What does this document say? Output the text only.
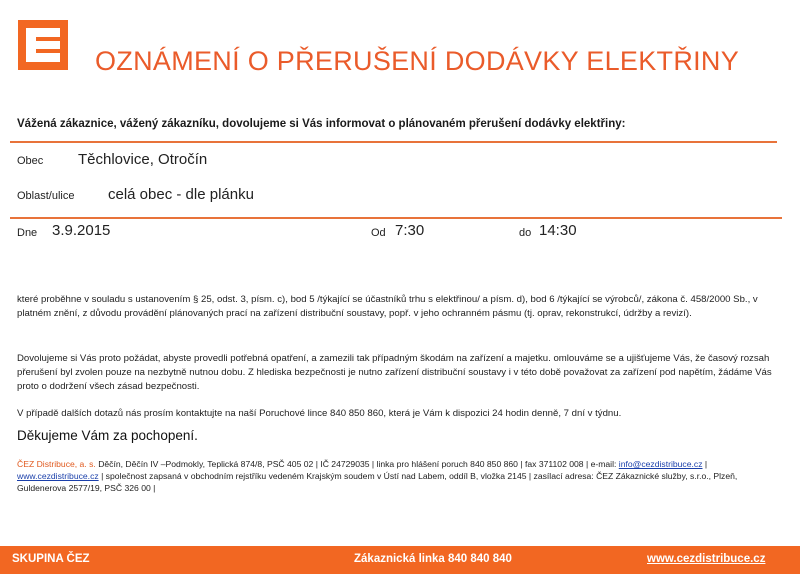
OZNÁMENÍ O PŘERUŠENÍ DODÁVKY ELEKTŘINY
Vážená zákaznice, vážený zákazníku, dovolujeme si Vás informovat o plánovaném přerušení dodávky elektřiny:
Obec Těchlovice, Otročín
Oblast/ulice celá obec - dle plánku
Dne 3.9.2015	Od 7:30	do 14:30
které proběhne v souladu s ustanovením § 25, odst. 3, písm. c), bod 5 /týkající se účastníků trhu s elektřinou/ a písm. d), bod 6 /týkající se výrobců/, zákona č. 458/2000 Sb., v platném znění, z důvodu provádění plánovaných prací na zařízení distribuční soustavy, popř. v jeho ochranném pásmu (tj. oprav, rekonstrukcí, údržby a revizí).
Dovolujeme si Vás proto požádat, abyste provedli potřebná opatření, a zamezili tak případným škodám na zařízení a majetku. omlouváme se a ujišťujeme Vás, že časový rozsah přerušení byl zvolen pouze na nezbytně nutnou dobu. Z hlediska bezpečnosti je nutno zařízení distribuční soustavy i v této době považovat za zařízení pod napětím, žádáme Vás proto o dodržení všech zásad bezpečnosti.
V případě dalších dotazů nás prosím kontaktujte na naší Poruchové lince 840 850 860, která je Vám k dispozici 24 hodin denně, 7 dní v týdnu.
Děkujeme Vám za pochopení.
ČEZ Distribuce, a. s. Děčín, Děčín IV –Podmokly, Teplická 874/8, PSČ 405 02 | IČ 24729035 | linka pro hlášení poruch 840 850 860 | fax 371102 008 | e-mail: info@cezdistribuce.cz | www.cezdistribuce.cz | společnost zapsaná v obchodním rejstříku vedeném Krajským soudem v Ústí nad Labem, oddíl B, vložka 2145 | zasílací adresa: ČEZ Zákaznické služby, s.r.o., Plzeň, Guldenerova 2577/19, PSČ 326 00 |
SKUPINA ČEZ	Zákaznická linka 840 840 840	www.cezdistribuce.cz
